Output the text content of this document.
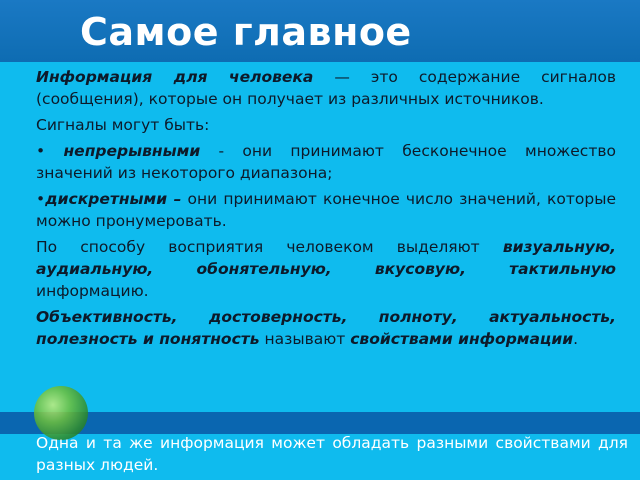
Самое главное

Информация для человека — это содержание сигналов (сообщения), которые он получает из различных источников.

Сигналы могут быть:

• непрерывными - они принимают бесконечное множество значений из некоторого диапазона;

•дискретными – они принимают конечное число значений, которые можно пронумеровать.

По способу восприятия человеком выделяют визуальную, аудиальную, обонятельную, вкусовую, тактильную информацию.

Объективность, достоверность, полноту, актуальность, полезность и понятность называют свойствами информации.

Одна и та же информация может обладать разными свойствами для разных людей.
